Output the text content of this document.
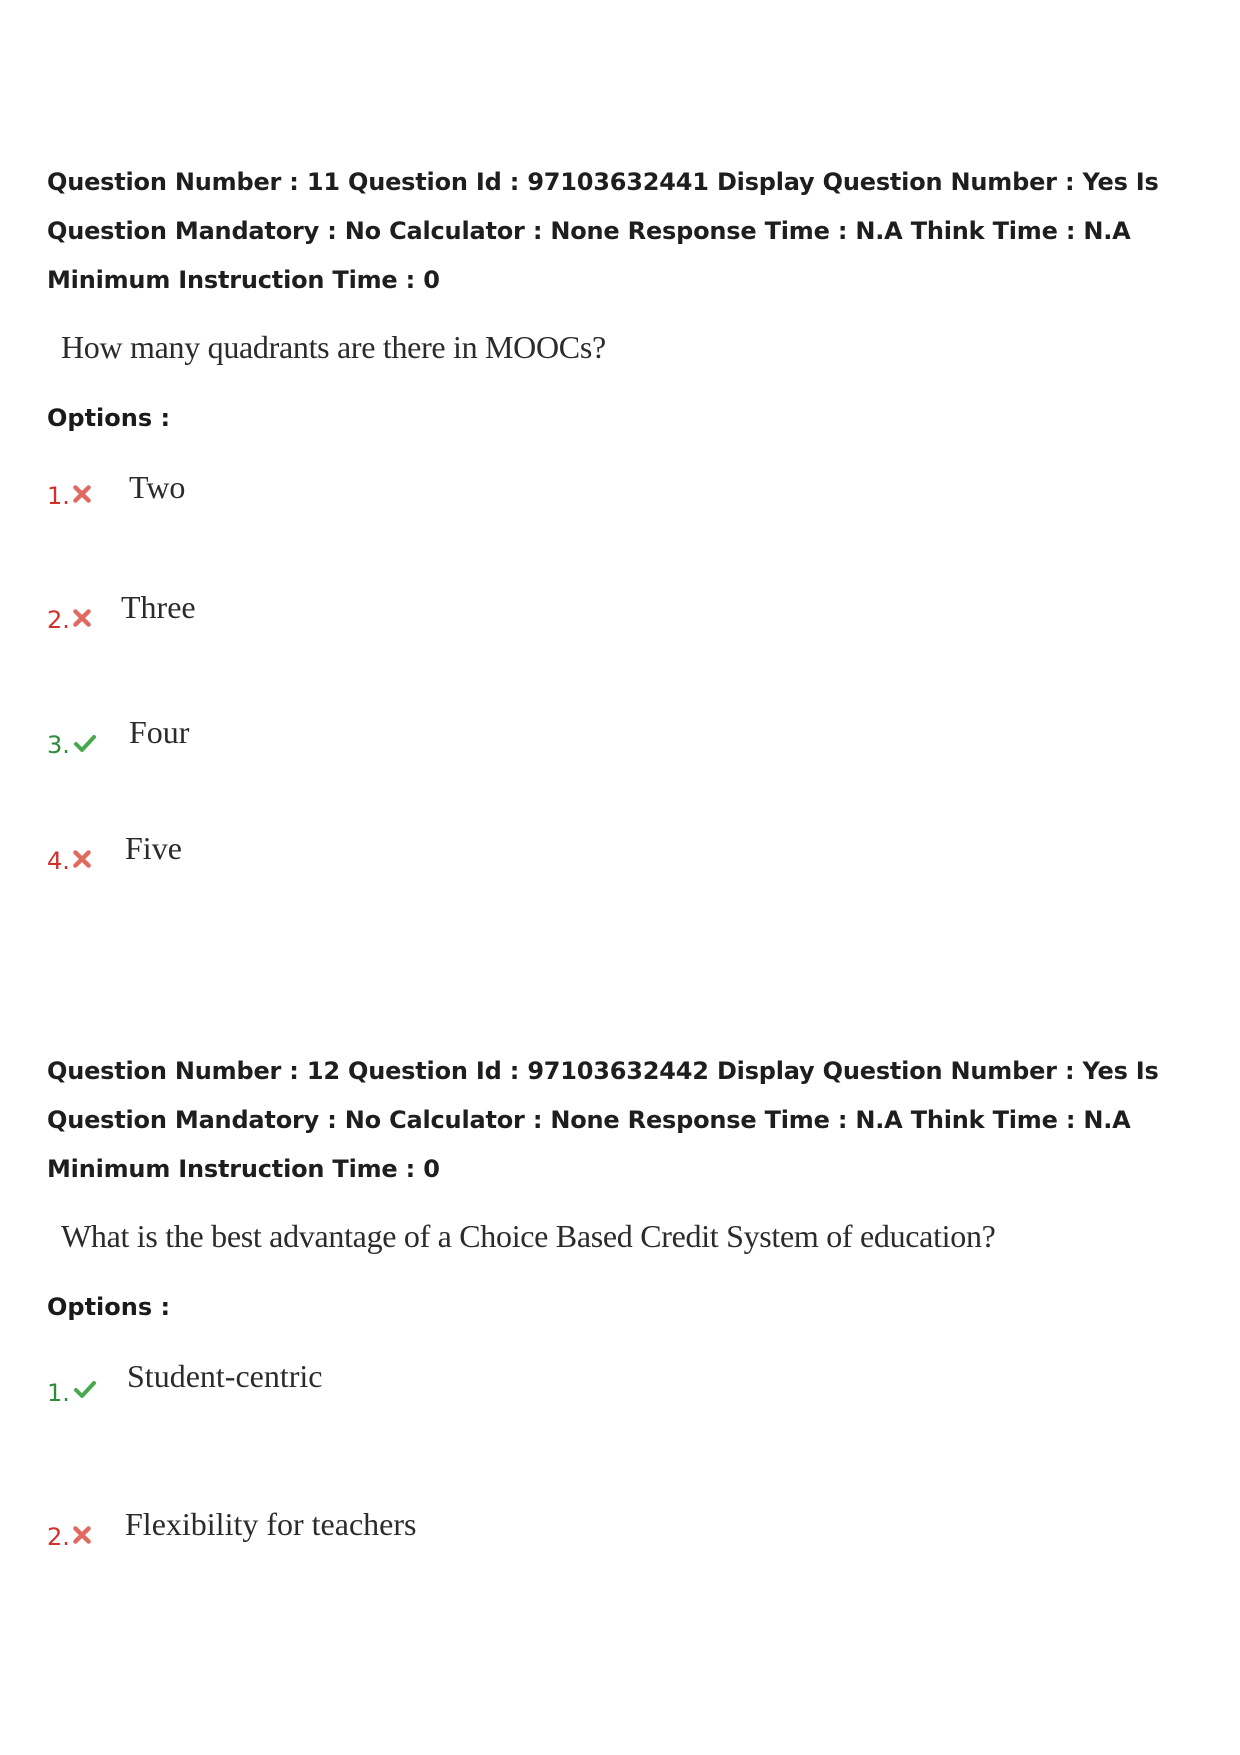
Question Number : 11 Question Id : 97103632441 Display Question Number : Yes Is Question Mandatory : No Calculator : None Response Time : N.A Think Time : N.A Minimum Instruction Time : 0

How many quadrants are there in MOOCs?
Options :
1. Two
2. Three
3. Four
4. Five

Question Number : 12 Question Id : 97103632442 Display Question Number : Yes Is Question Mandatory : No Calculator : None Response Time : N.A Think Time : N.A Minimum Instruction Time : 0

What is the best advantage of a Choice Based Credit System of education?
Options :
1. Student-centric
2. Flexibility for teachers
